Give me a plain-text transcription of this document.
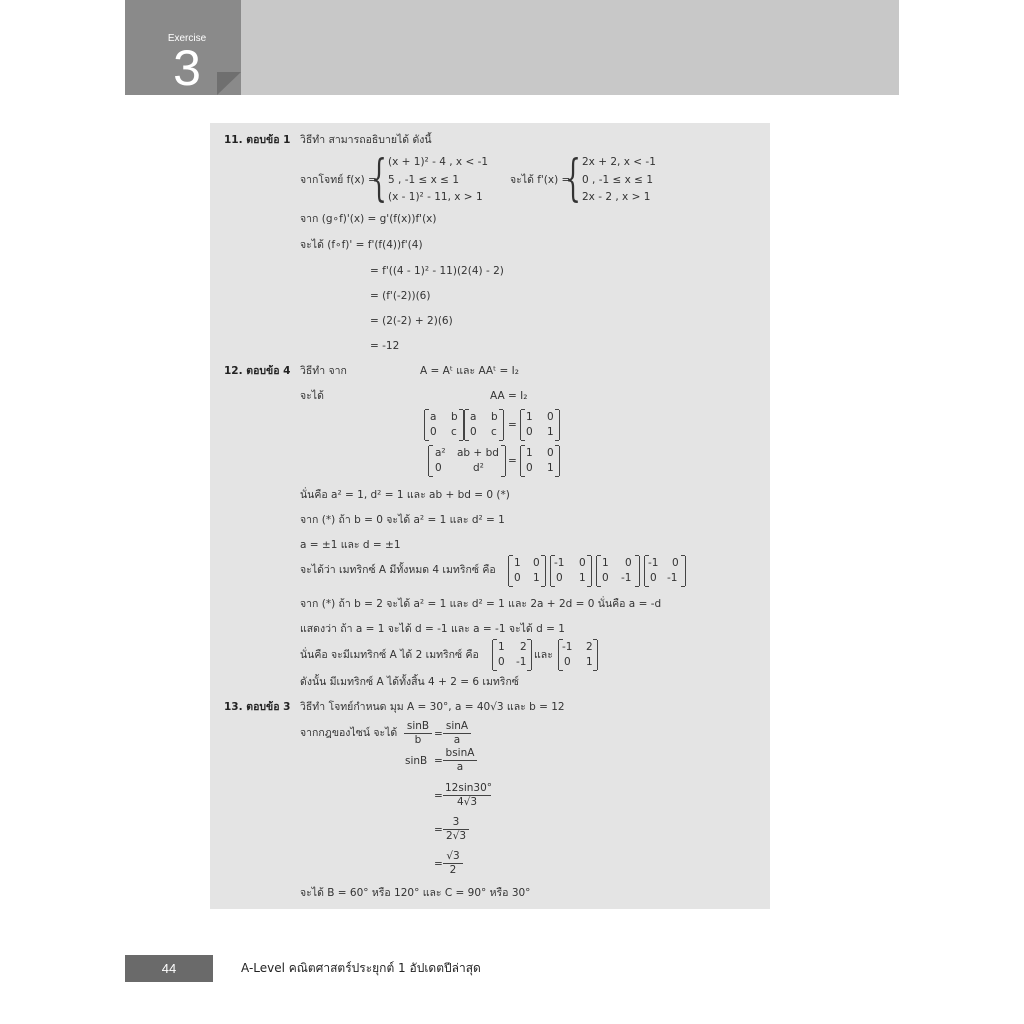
Exercise
3
11. ตอบข้อ 1 วิธีทำ สามารถอธิบายได้ ดังนี้
จากโจทย์ f(x) =
{ (x + 1)² - 4 , x < -1
5 , -1 ≤ x ≤ 1
(x - 1)² - 11, x > 1
จะได้ f'(x) =
{ 2x + 2, x < -1
0 , -1 ≤ x ≤ 1
2x - 2 , x > 1
จาก (g∘f)'(x) = g'(f(x))f'(x)
จะได้ (f∘f)' = f'(f(4))f'(4)
= f'((4 - 1)² - 11)(2(4) - 2)
= (f'(-2))(6)
= (2(-2) + 2)(6)
= -12
12. ตอบข้อ 4 วิธีทำ จาก	A = Aᵗ และ AAᵗ = I₂
จะได้	AA = I₂
a b
0 c
a b
0 c
=
1 0
0 1
a² ab + bd
0	d²
=
1 0
0 1
นั่นคือ a² = 1, d² = 1 และ ab + bd = 0 (*)
จาก (*) ถ้า b = 0 จะได้ a² = 1 และ d² = 1
a = ±1 และ d = ±1
จะได้ว่า เมทริกซ์ A มีทั้งหมด 4 เมทริกซ์ คือ
1 0
0 1
-1 0
0 1
1 0
0 -1
-1 0
0 -1
จาก (*) ถ้า b = 2 จะได้ a² = 1 และ d² = 1 และ 2a + 2d = 0 นั่นคือ a = -d
แสดงว่า ถ้า a = 1 จะได้ d = -1 และ a = -1 จะได้ d = 1
นั่นคือ จะมีเมทริกซ์ A ได้ 2 เมทริกซ์ คือ
1 2
0 -1
และ
-1 2
0 1
ดังนั้น มีเมทริกซ์ A ได้ทั้งสิ้น 4 + 2 = 6 เมทริกซ์
13. ตอบข้อ 3 วิธีทำ โจทย์กำหนด มุม A = 30°, a = 40√3 และ b = 12
จากกฎของไซน์ จะได้ $\frac{\sin B}{b} = \frac{\sin A}{a}$
$\sin B = \frac{bsinA}{a}$
= $\frac{12\sin 30^\circ}{4√3}$
= $\frac{3}{2√3}$
= $\frac{√3}{2}$
จะได้ B = 60° หรือ 120° และ C = 90° หรือ 30°
44	A-Level คณิตศาสตร์ประยุกต์ 1 อัปเดตปีล่าสุด
